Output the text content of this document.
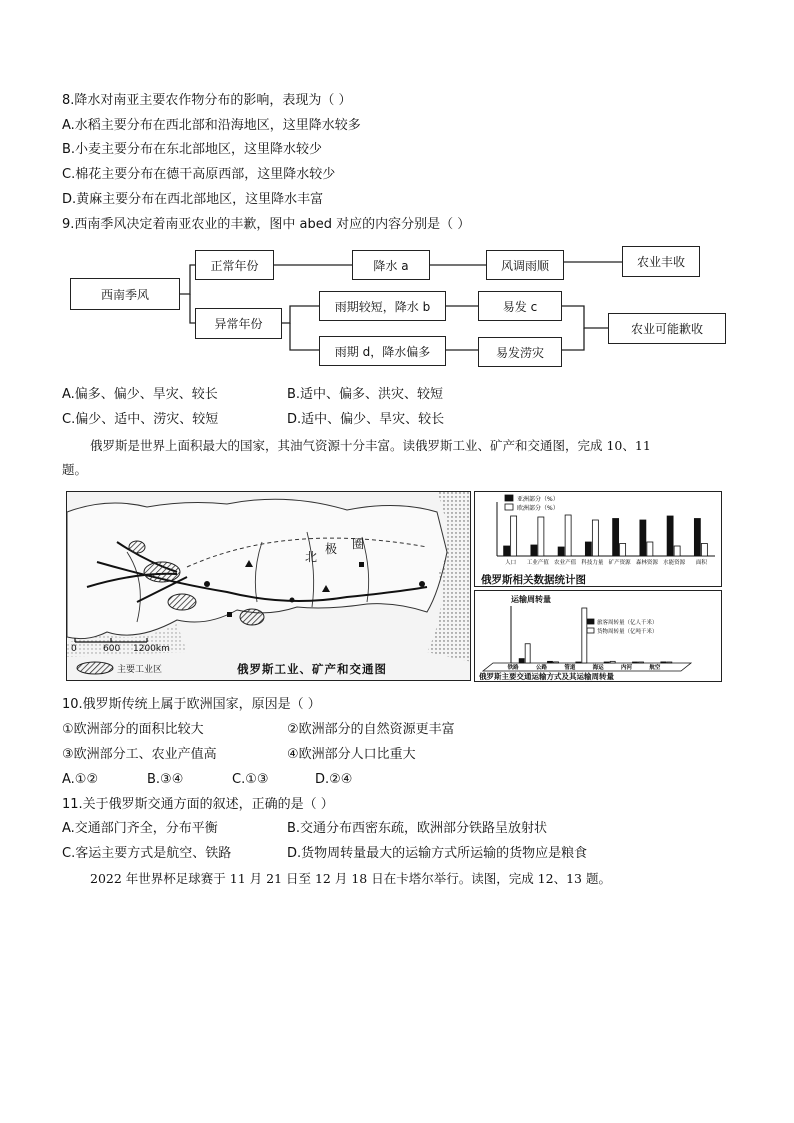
8.降水对南亚主要农作物分布的影响，表现为（ ）
A.水稻主要分布在西北部和沿海地区，这里降水较多
B.小麦主要分布在东北部地区，这里降水较少
C.棉花主要分布在德干高原西部，这里降水较少
D.黄麻主要分布在西北部地区，这里降水丰富
9.西南季风决定着南亚农业的丰歉，图中 abed 对应的内容分别是（ ）
西南季风
正常年份	降水 a	风调雨顺	农业丰收
异常年份
雨期较短，降水 b	易发 c
雨期 d，降水偏多	易发涝灾
农业可能歉收
A.偏多、偏少、旱灾、较长	B.适中、偏多、洪灾、较短
C.偏少、适中、涝灾、较短	D.适中、偏少、旱灾、较长
俄罗斯是世界上面积最大的国家，其油气资源十分丰富。读俄罗斯工业、矿产和交通图，完成 10、11
题。
北
极 圈
0	600 1200km
主要工业区	俄罗斯工业、矿产和交通图
亚洲部分（%）
欧洲部分（%）
人口 工业产值 农业产值 科技力量 矿产资源 森林资源 水能资源 面积
俄罗斯相关数据统计图
旅客周转量（亿人千米）
货物周转量（亿吨千米）
铁路	公路	管道	海运	内河	航空
运输周转量
俄罗斯主要交通运输方式及其运输周转量
10.俄罗斯传统上属于欧洲国家，原因是（ ）
①欧洲部分的面积比较大	②欧洲部分的自然资源更丰富
③欧洲部分工、农业产值高	④欧洲部分人口比重大
A.①②	B.③④	C.①③	D.②④
11.关于俄罗斯交通方面的叙述，正确的是（ ）
A.交通部门齐全，分布平衡	B.交通分布西密东疏，欧洲部分铁路呈放射状
C.客运主要方式是航空、铁路	D.货物周转量最大的运输方式所运输的货物应是粮食
2022 年世界杯足球赛于 11 月 21 日至 12 月 18 日在卡塔尔举行。读图，完成 12、13 题。
